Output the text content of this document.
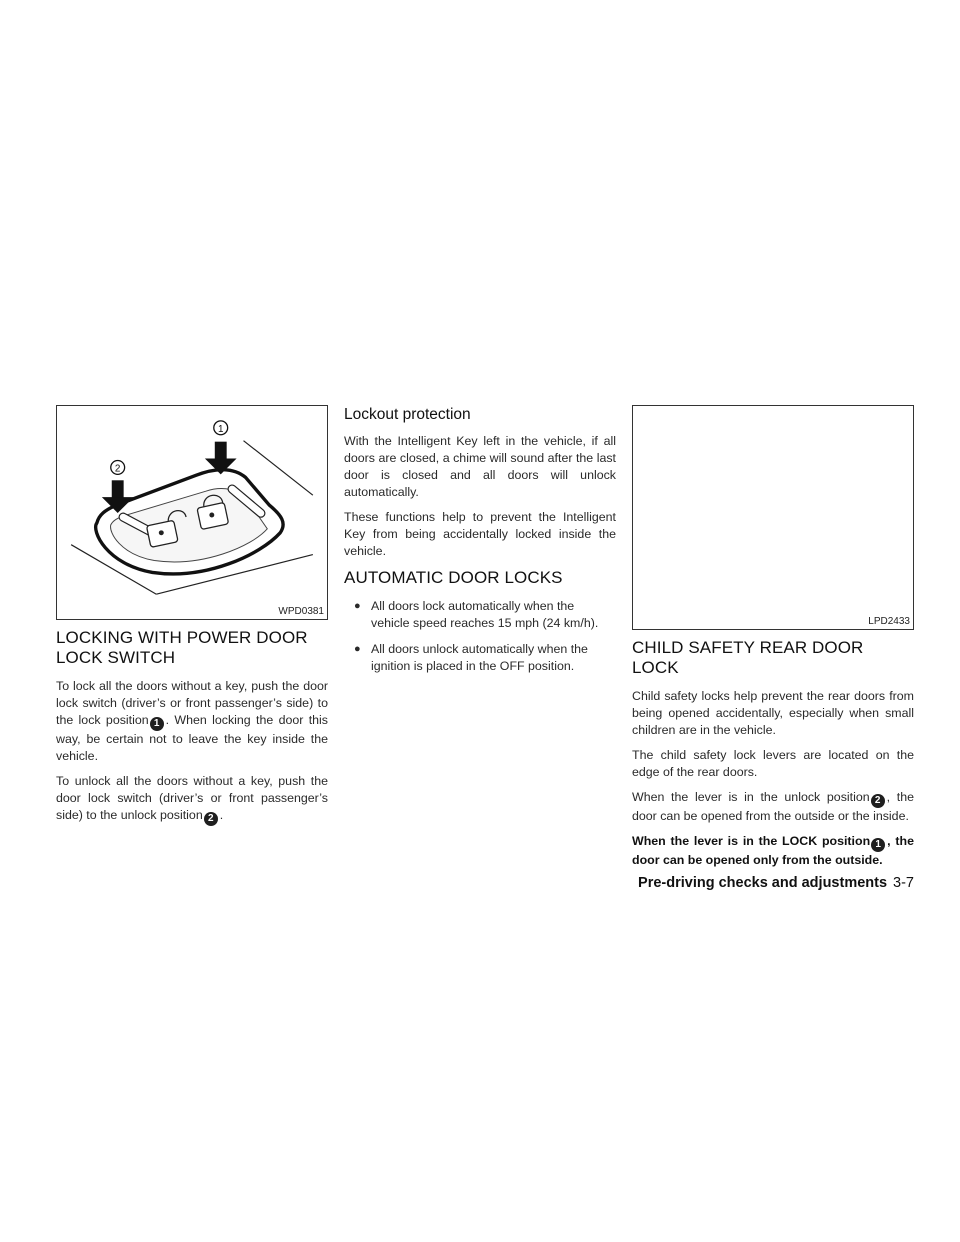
1
2
WPD0381
LOCKING WITH POWER DOOR LOCK SWITCH

To lock all the doors without a key, push the door lock switch (driver’s or front passenger’s side) to the lock position 1 . When locking the door this way, be certain not to leave the key inside the vehicle.

To unlock all the doors without a key, push the door lock switch (driver’s or front passenger’s side) to the unlock position 2 .

Lockout protection

With the Intelligent Key left in the vehicle, if all doors are closed, a chime will sound after the last door is closed and all doors will unlock automatically.

These functions help to prevent the Intelligent Key from being accidentally locked inside the vehicle.

AUTOMATIC DOOR LOCKS
● All doors lock automatically when the vehicle speed reaches 15 mph (24 km/h).
● All doors unlock automatically when the ignition is placed in the OFF position.
LPD2433
CHILD SAFETY REAR DOOR LOCK

Child safety locks help prevent the rear doors from being opened accidentally, especially when small children are in the vehicle.

The child safety lock levers are located on the edge of the rear doors.

When the lever is in the unlock position 2 , the door can be opened from the outside or the inside.

When the lever is in the LOCK position 1 , the door can be opened only from the outside.

Pre-driving checks and adjustments 3-7
